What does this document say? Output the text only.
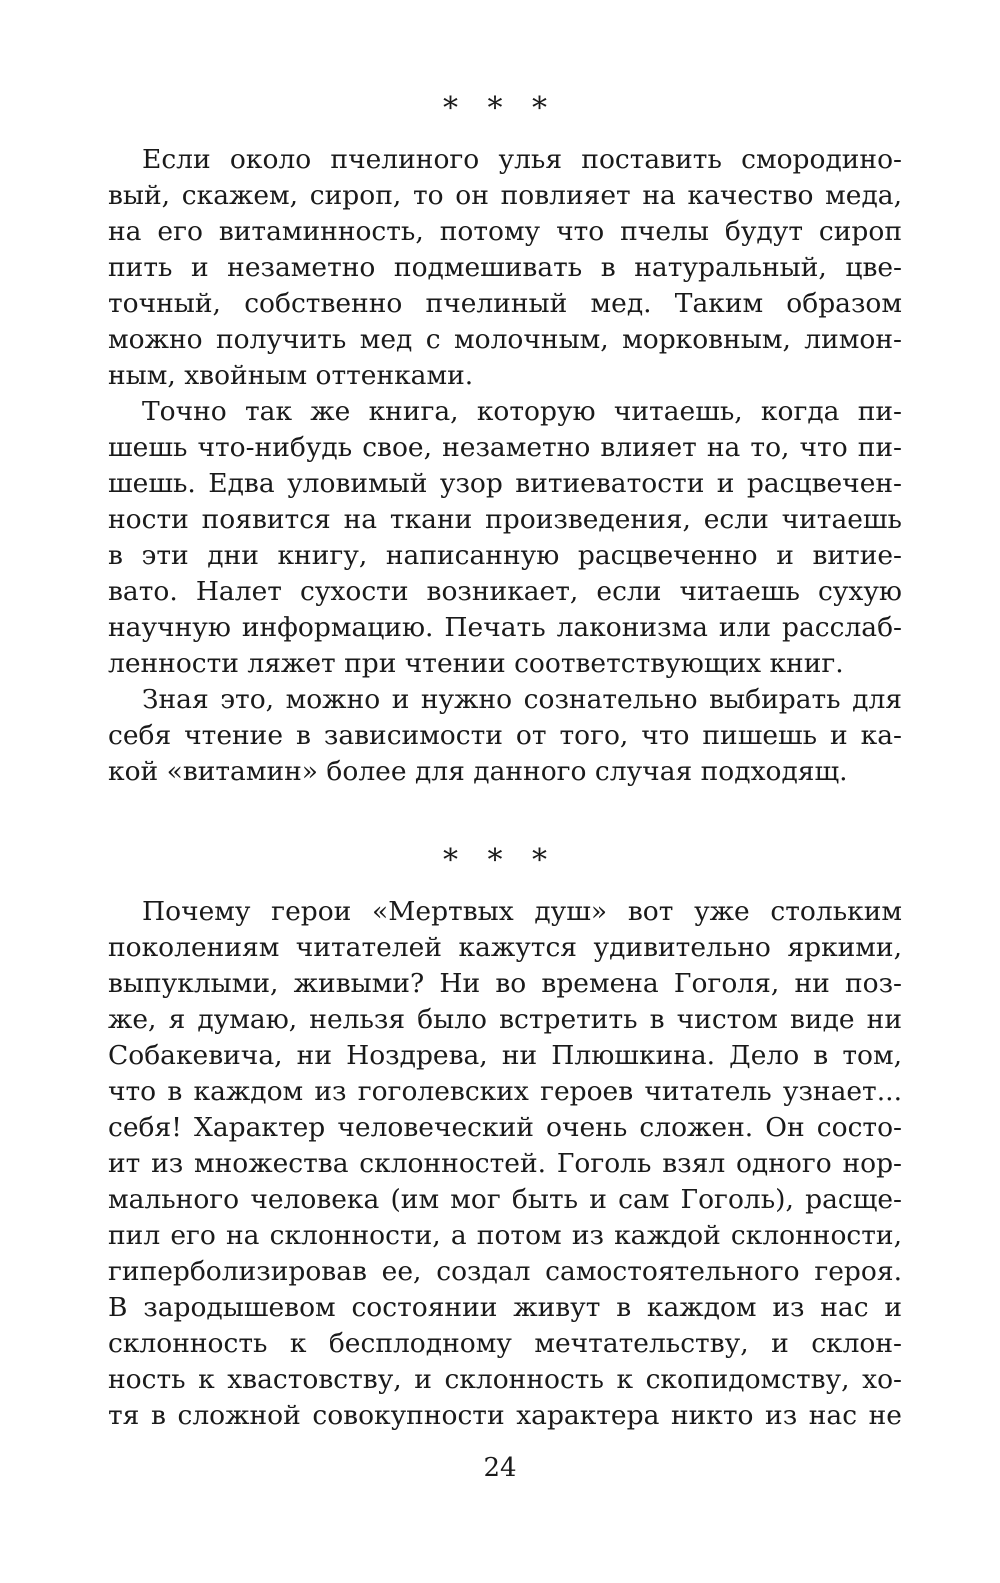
* * *
Если около пчелиного улья поставить смородино-
вый, скажем, сироп, то он повлияет на качество меда,
на его витаминность, потому что пчелы будут сироп
пить и незаметно подмешивать в натуральный, цве-
точный, собственно пчелиный мед. Таким образом
можно получить мед с молочным, морковным, лимон-
ным, хвойным оттенками.
Точно так же книга, которую читаешь, когда пи-
шешь что-нибудь свое, незаметно влияет на то, что пи-
шешь. Едва уловимый узор витиеватости и расцвечен-
ности появится на ткани произведения, если читаешь
в эти дни книгу, написанную расцвеченно и витие-
вато. Налет сухости возникает, если читаешь сухую
научную информацию. Печать лаконизма или расслаб-
ленности ляжет при чтении соответствующих книг.
Зная это, можно и нужно сознательно выбирать для
себя чтение в зависимости от того, что пишешь и ка-
кой «витамин» более для данного случая подходящ.
* * *
Почему герои «Мертвых душ» вот уже стольким
поколениям читателей кажутся удивительно яркими,
выпуклыми, живыми? Ни во времена Гоголя, ни поз-
же, я думаю, нельзя было встретить в чистом виде ни
Собакевича, ни Ноздрева, ни Плюшкина. Дело в том,
что в каждом из гоголевских героев читатель узнает...
себя! Характер человеческий очень сложен. Он состо-
ит из множества склонностей. Гоголь взял одного нор-
мального человека (им мог быть и сам Гоголь), расще-
пил его на склонности, а потом из каждой склонности,
гиперболизировав ее, создал самостоятельного героя.
В зародышевом состоянии живут в каждом из нас и
склонность к бесплодному мечтательству, и склон-
ность к хвастовству, и склонность к скопидомству, хо-
тя в сложной совокупности характера никто из нас не
24
